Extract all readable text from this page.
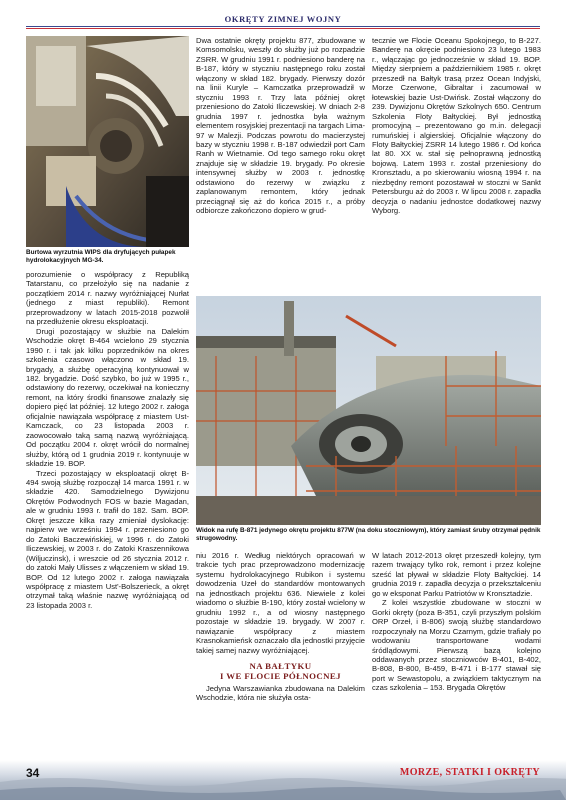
OKRĘTY ZIMNEJ WOJNY
Burtowa wyrzutnia WIPS dla dryfujących pułapek hydrolokacyjnych MG-34.

Dwa ostatnie okręty projektu 877, zbudowane w Komsomolsku, weszły do służby już po rozpadzie ZSRR. W grudniu 1991 r. podniesiono banderę na B-187, który w styczniu następnego roku został włączony w skład 182. brygady. Pierwszy dozór na linii Kuryle – Kamczatka przeprowadził w styczniu 1993 r. Trzy lata później okręt przeniesiono do Zatoki Iliczewskiej. W dniach 2-8 grudnia 1997 r. jednostka była ważnym elementem rosyjskiej prezentacji na targach Lima-97 w Malezji. Podczas powrotu do macierzystej bazy w styczniu 1998 r. B-187 odwiedził port Cam Ranh w Wietnamie. Od tego samego roku okręt znajduje się w składzie 19. brygady. Po okresie intensywnej służby w 2003 r. jednostkę odstawiono do rezerwy w związku z zaplanowanym remontem, który jednak przeciągnął się aż do końca 2015 r., a próby odbiorcze zakończono dopiero w grud-

tecznie we Flocie Oceanu Spokojnego, to B-227. Banderę na okręcie podniesiono 23 lutego 1983 r., włączając go jednocześnie w skład 19. BOP. Między sierpniem a październikiem 1985 r. okręt przeszedł na Bałtyk trasą przez Ocean Indyjski, Morze Czerwone, Gibraltar i zacumował w łotewskiej bazie Ust-Dwińsk. Został włączony do 239. Dywizjonu Okrętów Szkolnych 650. Centrum Szkolenia Floty Bałtyckiej. Był jednostką promocyjną – prezentowano go m.in. delegacji rumuńskiej i algierskiej. Oficjalnie włączony do Floty Bałtyckiej ZSRR 14 lutego 1986 r. Od końca lat 80. XX w. stał się pełnoprawną jednostką bojową. Latem 1993 r. został przeniesiony do Kronsztadu, a po skierowaniu wiosną 1994 r. na niezbędny remont pozostawał w stoczni w Sankt Petersburgu aż do 2003 r. W lipcu 2008 r. zapadła decyzja o nadaniu jednostce dodatkowej nazwy Wyborg.

Widok na rufę B-871 jedynego okrętu projektu 877W (na doku stoczniowym), który zamiast śruby otrzymał pędnik strugowodny.

porozumienie o współpracy z Republiką Tatarstanu, co przełożyło się na nadanie z początkiem 2014 r. nazwy wyróżniającej Nurłat (jednego z miast republiki). Remont przeprowadzony w latach 2015-2018 pozwolił na przedłużenie okresu eksploatacji.

Drugi pozostający w służbie na Dalekim Wschodzie okręt B-464 wcielono 29 stycznia 1990 r. i tak jak kilku poprzedników na okres szkolenia czasowo włączono w skład 19. brygady, a służbę operacyjną kontynuował w 182. brygadzie. Dość szybko, bo już w 1995 r., odstawiony do rezerwy, oczekiwał na konieczny remont, na który środki finansowe znalazły się dopiero pięć lat później. 12 lutego 2002 r. załoga oficjalnie nawiązała współpracę z miastem Ust-Kamczack, co 23 listopada 2003 r. zaowocowało taką samą nazwą wyróżniającą. Od początku 2004 r. okręt wrócił do normalnej służby, którą od 1 grudnia 2019 r. kontynuuje w składzie 19. BOP.

Trzeci pozostający w eksploatacji okręt B-494 swoją służbę rozpoczął 14 marca 1991 r. w składzie 420. Samodzielnego Dywizjonu Okrętów Podwodnych FOS w bazie Magadan, ale w grudniu 1993 r. trafił do 182. Sam. BOP. Okręt jeszcze kilka razy zmieniał dyslokację: najpierw we wrześniu 1994 r. przeniesiono go do Zatoki Baczewińskiej, w 1996 r. do Zatoki Iliczewskiej, w 2003 r. do Zatoki Kraszennikowa (Wiljuczinsk), i wreszcie od 26 stycznia 2012 r. do zatoki Mały Ulisses z włączeniem w skład 19. BOP. Od 12 lutego 2002 r. załoga nawiązała współpracę z miastem Ust'-Bolszerieck, a okręt otrzymał taką właśnie nazwę wyróżniającą od 23 listopada 2003 r.

niu 2016 r. Według niektórych opracowań w trakcie tych prac przeprowadzono modernizację systemu hydrolokacyjnego Rubikon i systemu dowodzenia Uzeł do standardów montowanych na jednostkach projektu 636. Niewiele z kolei wiadomo o służbie B-190, który został wcielony w grudniu 1992 r., a od wiosny następnego pozostaje w składzie 19. brygady. W 2007 r. nawiązanie współpracy z miastem Krasnokamieńsk oznaczało dla jednostki przyjęcie takiej samej nazwy wyróżniającej.

NA BAŁTYKU
I WE FLOCIE PÓŁNOCNEJ

Jedyna Warszawianka zbudowana na Dalekim Wschodzie, która nie służyła osta-

W latach 2012-2013 okręt przeszedł kolejny, tym razem trwający tylko rok, remont i przez kolejne sześć lat pływał w składzie Floty Bałtyckiej. 14 grudnia 2019 r. zapadła decyzja o przekształceniu go w eksponat Parku Patriotów w Kronsztadzie.

Z kolei wszystkie zbudowane w stoczni w Gorki okręty (poza B-351, czyli przyszłym polskim ORP Orzeł, i B-806) swoją służbę standardowo rozpoczynały na Morzu Czarnym, gdzie trafiały po wodowaniu transportowane wodami śródlądowymi. Pierwszą bazą kolejno oddawanych przez stoczniowców B-401, B-402, B-808, B-800, B-459, B-471 i B-177 stawał się port w Sewastopolu, a związkiem taktycznym na czas szkolenia – 153. Brygada Okrętów

34	MORZE, STATKI I OKRĘTY
